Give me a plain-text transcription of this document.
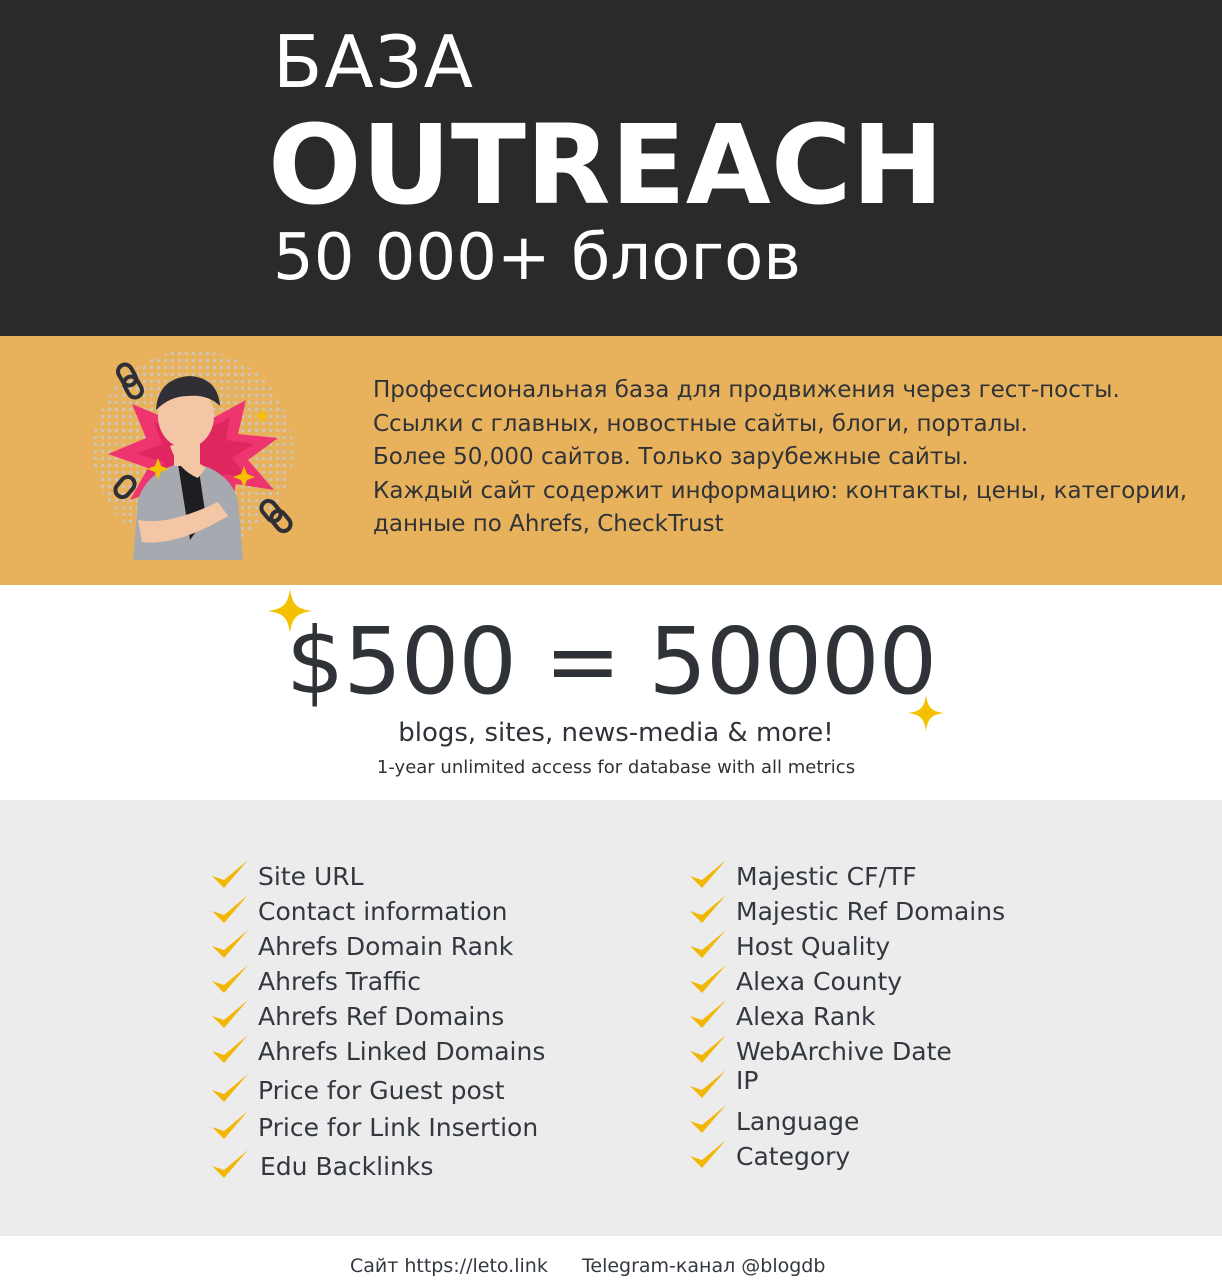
БАЗА
OUTREACH
50 000+ блогов
Профессиональная база для продвижения через гест-посты.
Ссылки с главных, новостные сайты, блоги, порталы.
Более 50,000 сайтов. Только зарубежные сайты.
Каждый сайт содержит информацию: контакты, цены, категории,
данные по Ahrefs, CheckTrust
$500 = 50000
blogs, sites, news-media & more!
1-year unlimited access for database with all metrics
Site URL
Contact information
Ahrefs Domain Rank
Ahrefs Traffic
Ahrefs Ref Domains
Ahrefs Linked Domains
Price for Guest post
Price for Link Insertion
Edu Backlinks
Majestic CF/TF
Majestic Ref Domains
Host Quality
Alexa County
Alexa Rank
WebArchive Date
IP
Language
Category
Сайт https://leto.link Telegram-канал @blogdb
